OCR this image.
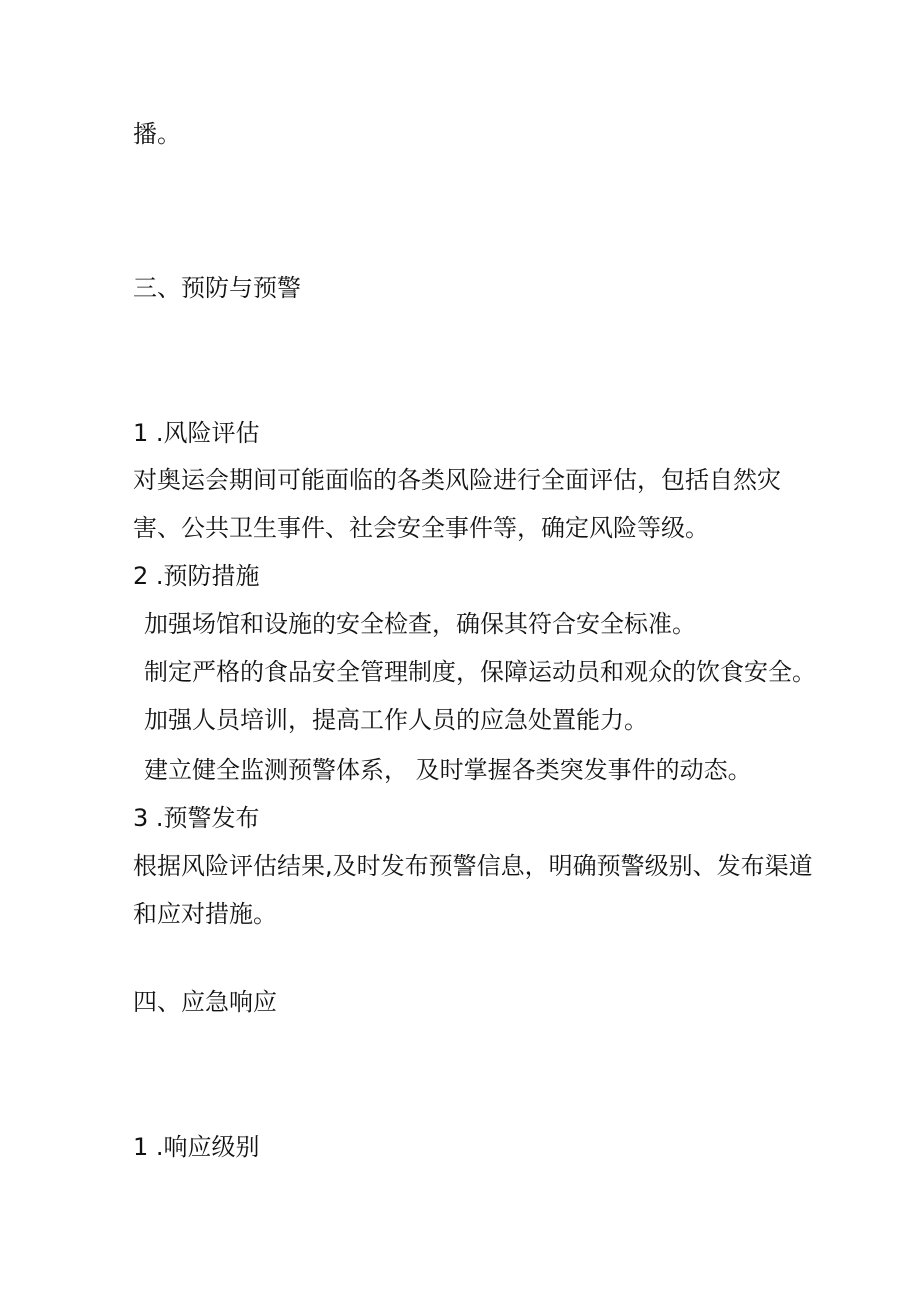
播。
三、预防与预警
1 .风险评估
对奥运会期间可能面临的各类风险进行全面评估，包括自然灾
害、公共卫生事件、社会安全事件等，确定风险等级。
2 .预防措施
加强场馆和设施的安全检查，确保其符合安全标准。
制定严格的食品安全管理制度，保障运动员和观众的饮食安全。
加强人员培训，提高工作人员的应急处置能力。
建立健全监测预警体系， 及时掌握各类突发事件的动态。
3 .预警发布
根据风险评估结果,及时发布预警信息，明确预警级别、发布渠道
和应对措施。
四、应急响应
1 .响应级别
